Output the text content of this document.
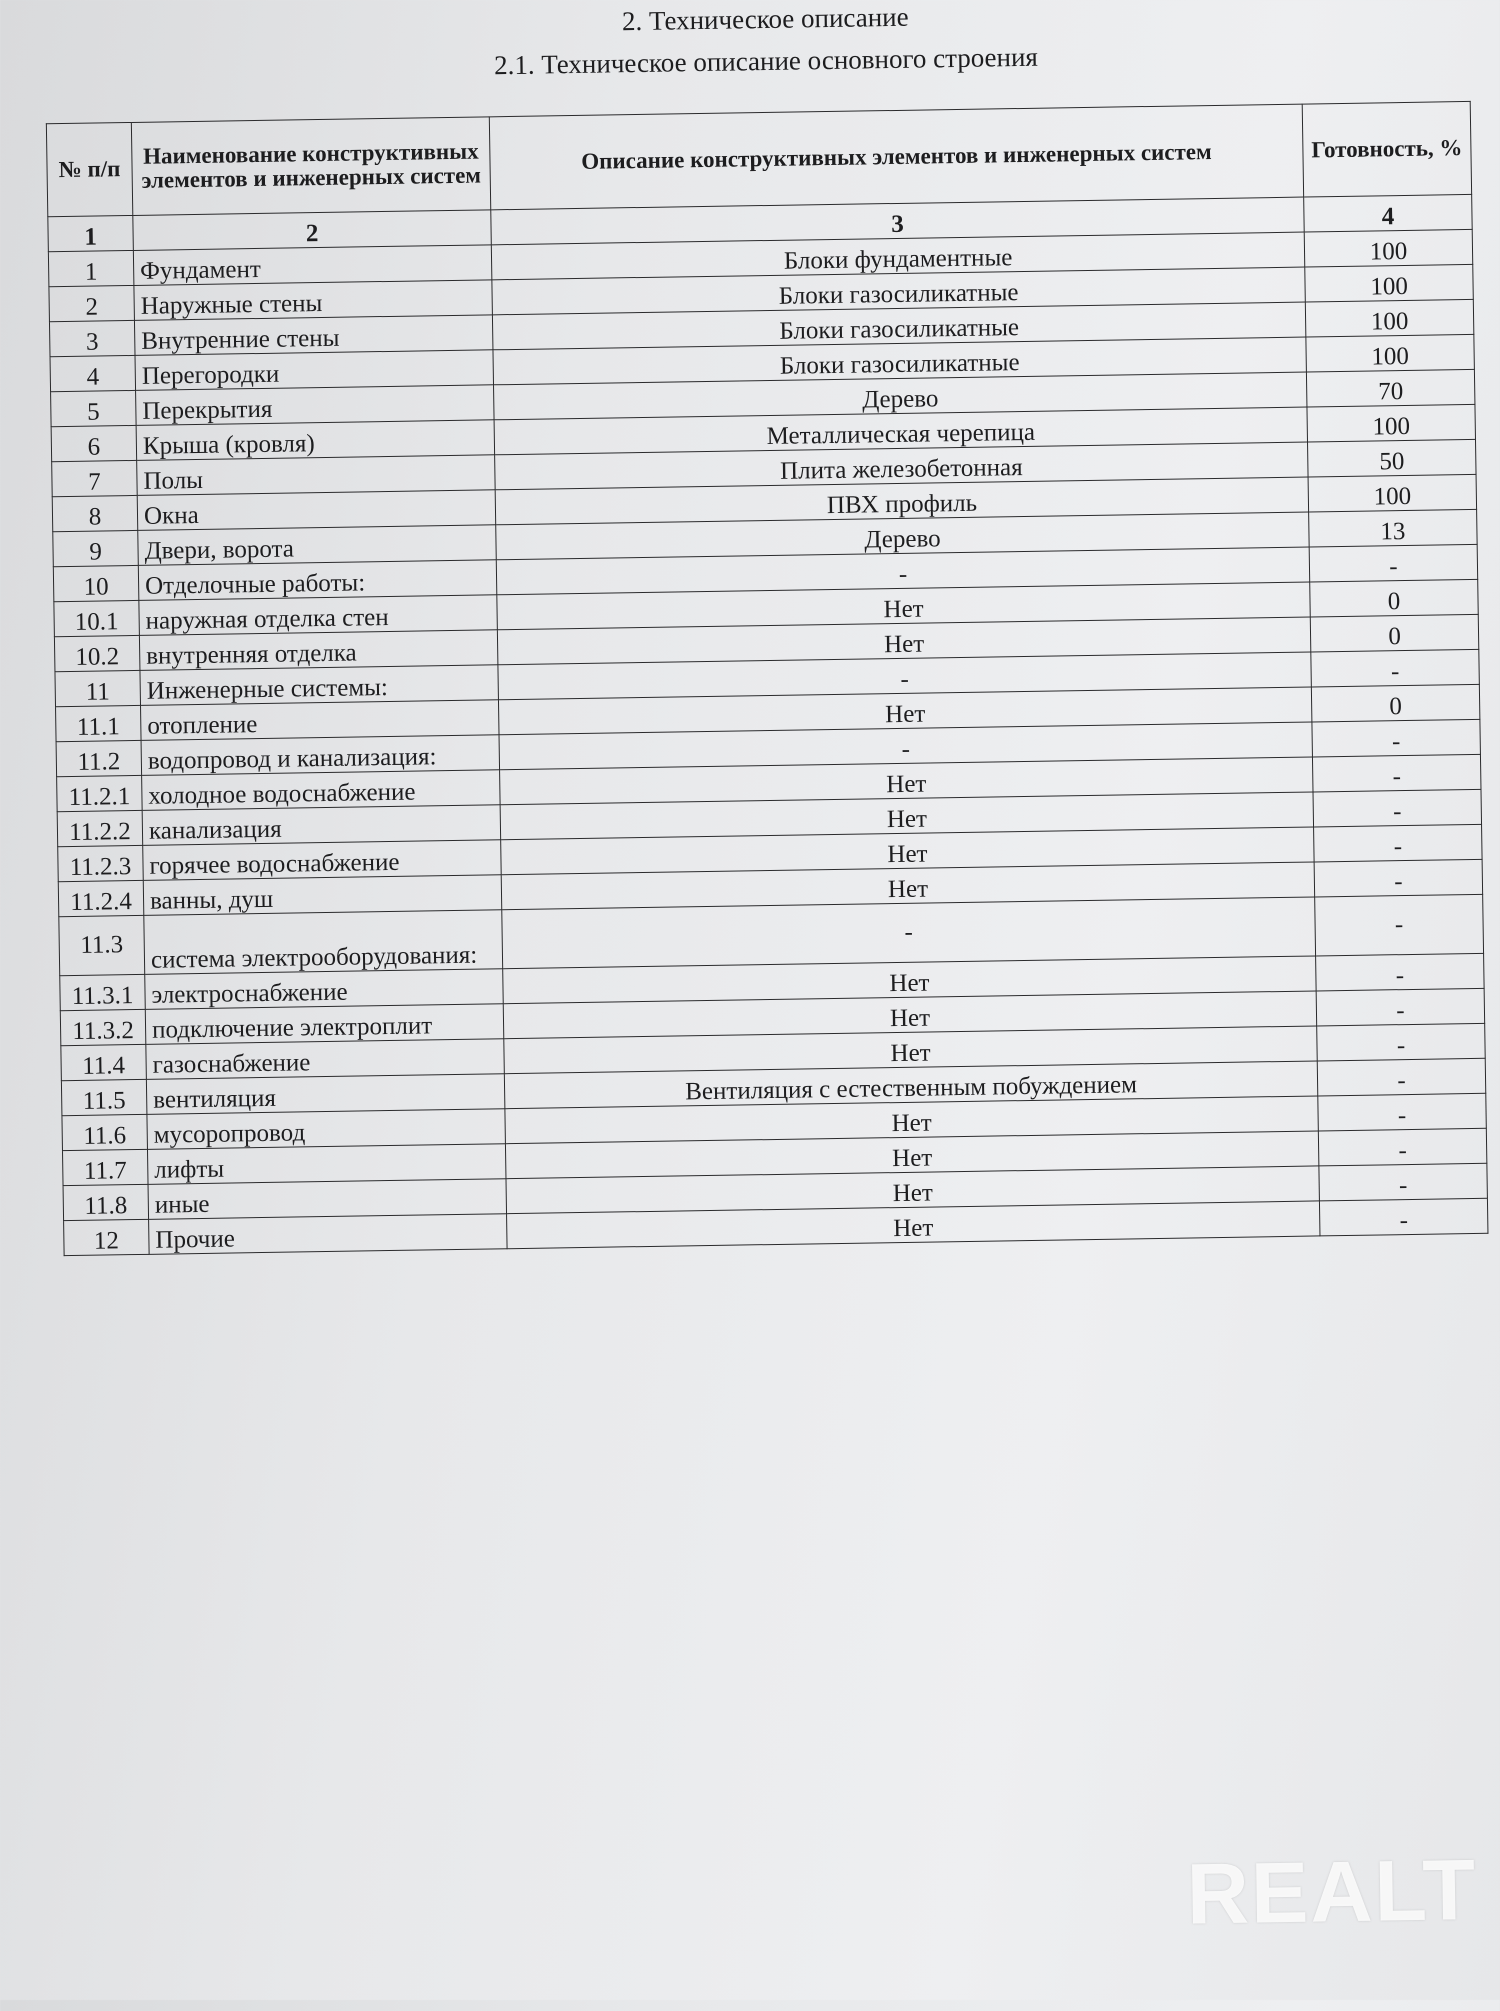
2. Техническое описание
2.1. Техническое описание основного строения
№ п/п	Наименование конструктивных элементов и инженерных систем	Описание конструктивных элементов и инженерных систем	Готовность, %
1	2	3	4
1	Фундамент	Блоки фундаментные	100
2	Наружные стены	Блоки газосиликатные	100
3	Внутренние стены	Блоки газосиликатные	100
4	Перегородки	Блоки газосиликатные	100
5	Перекрытия	Дерево	70
6	Крыша (кровля)	Металлическая черепица	100
7	Полы	Плита железобетонная	50
8	Окна	ПВХ профиль	100
9	Двери, ворота	Дерево	13
10	Отделочные работы:	-	-
10.1	наружная отделка стен	Нет	0
10.2	внутренняя отделка	Нет	0
11	Инженерные системы:	-	-
11.1	отопление	Нет	0
11.2	водопровод и канализация:	-	-
11.2.1	холодное водоснабжение	Нет	-
11.2.2	канализация	Нет	-
11.2.3	горячее водоснабжение	Нет	-
11.2.4	ванны, душ	Нет	-
11.3	система электрооборудования:	-	-
11.3.1	электроснабжение	Нет	-
11.3.2	подключение электроплит	Нет	-
11.4	газоснабжение	Нет	-
11.5	вентиляция	Вентиляция с естественным побуждением	-
11.6	мусоропровод	Нет	-
11.7	лифты	Нет	-
11.8	иные	Нет	-
12	Прочие	Нет	-
REALT
